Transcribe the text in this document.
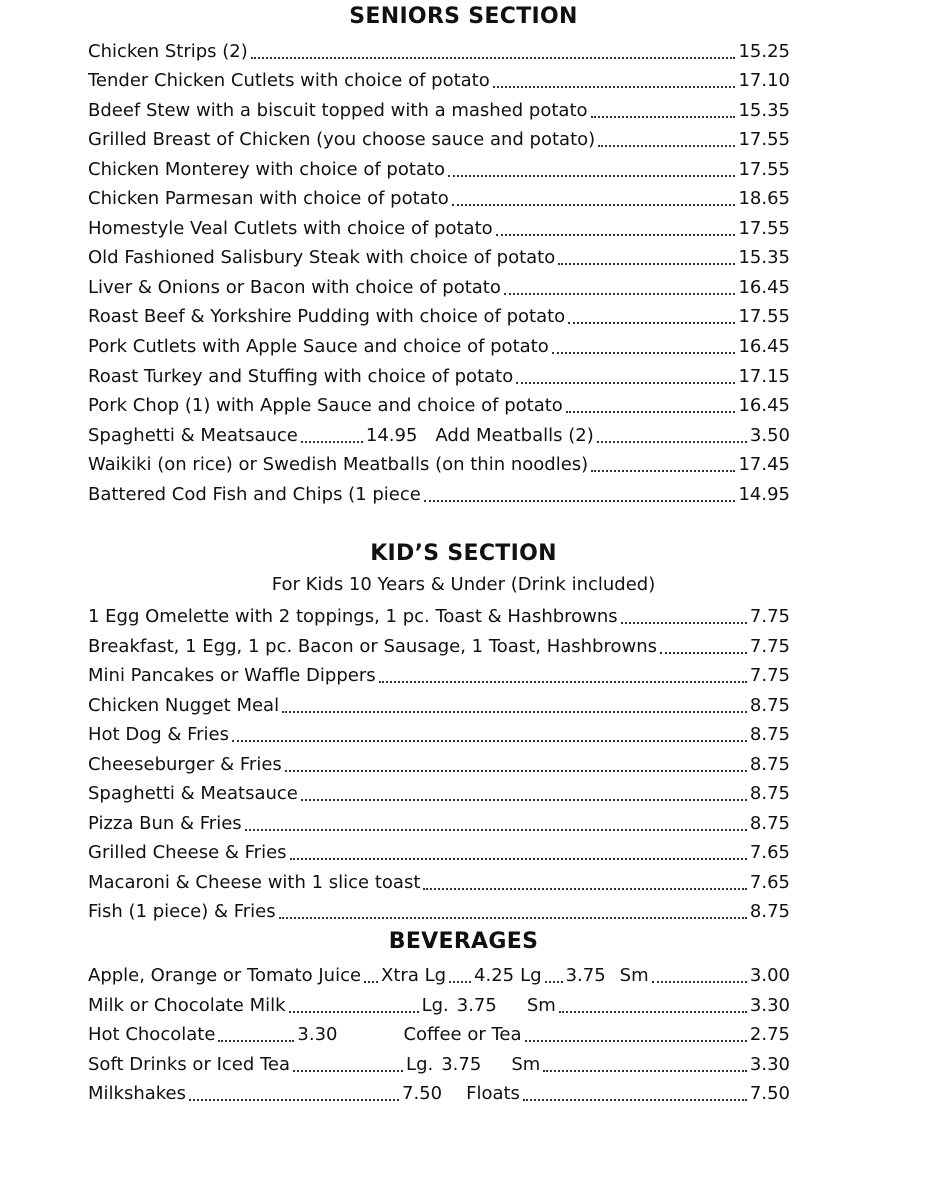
SENIORS SECTION
Chicken Strips (2)	15.25
Tender Chicken Cutlets with choice of potato	17.10
Bdeef Stew with a biscuit topped with a mashed potato	15.35
Grilled Breast of Chicken (you choose sauce and potato)	17.55
Chicken Monterey with choice of potato	17.55
Chicken Parmesan with choice of potato	18.65
Homestyle Veal Cutlets with choice of potato	17.55
Old Fashioned Salisbury Steak with choice of potato	15.35
Liver & Onions or Bacon with choice of potato	16.45
Roast Beef & Yorkshire Pudding with choice of potato	17.55
Pork Cutlets with Apple Sauce and choice of potato	16.45
Roast Turkey and Stuffing with choice of potato	17.15
Pork Chop (1) with Apple Sauce and choice of potato	16.45
Spaghetti & Meatsauce	14.95 Add Meatballs (2)	3.50
Waikiki (on rice) or Swedish Meatballs (on thin noodles)	17.45
Battered Cod Fish and Chips (1 piece	14.95
KID’S SECTION
For Kids 10 Years & Under (Drink included)
1 Egg Omelette with 2 toppings, 1 pc. Toast & Hashbrowns	7.75
Breakfast, 1 Egg, 1 pc. Bacon or Sausage, 1 Toast, Hashbrowns	7.75
Mini Pancakes or Waffle Dippers	7.75
Chicken Nugget Meal	8.75
Hot Dog & Fries	8.75
Cheeseburger & Fries	8.75
Spaghetti & Meatsauce	8.75
Pizza Bun & Fries	8.75
Grilled Cheese & Fries	7.65
Macaroni & Cheese with 1 slice toast	7.65
Fish (1 piece) & Fries	8.75
BEVERAGES
Apple, Orange or Tomato Juice Xtra Lg 4.25 Lg 3.75 Sm	3.00
Milk or Chocolate Milk	Lg. 3.75 Sm	3.30
Hot Chocolate	3.30	Coffee or Tea	2.75
Soft Drinks or Iced Tea	Lg. 3.75 Sm	3.30
Milkshakes	7.50 Floats	7.50
